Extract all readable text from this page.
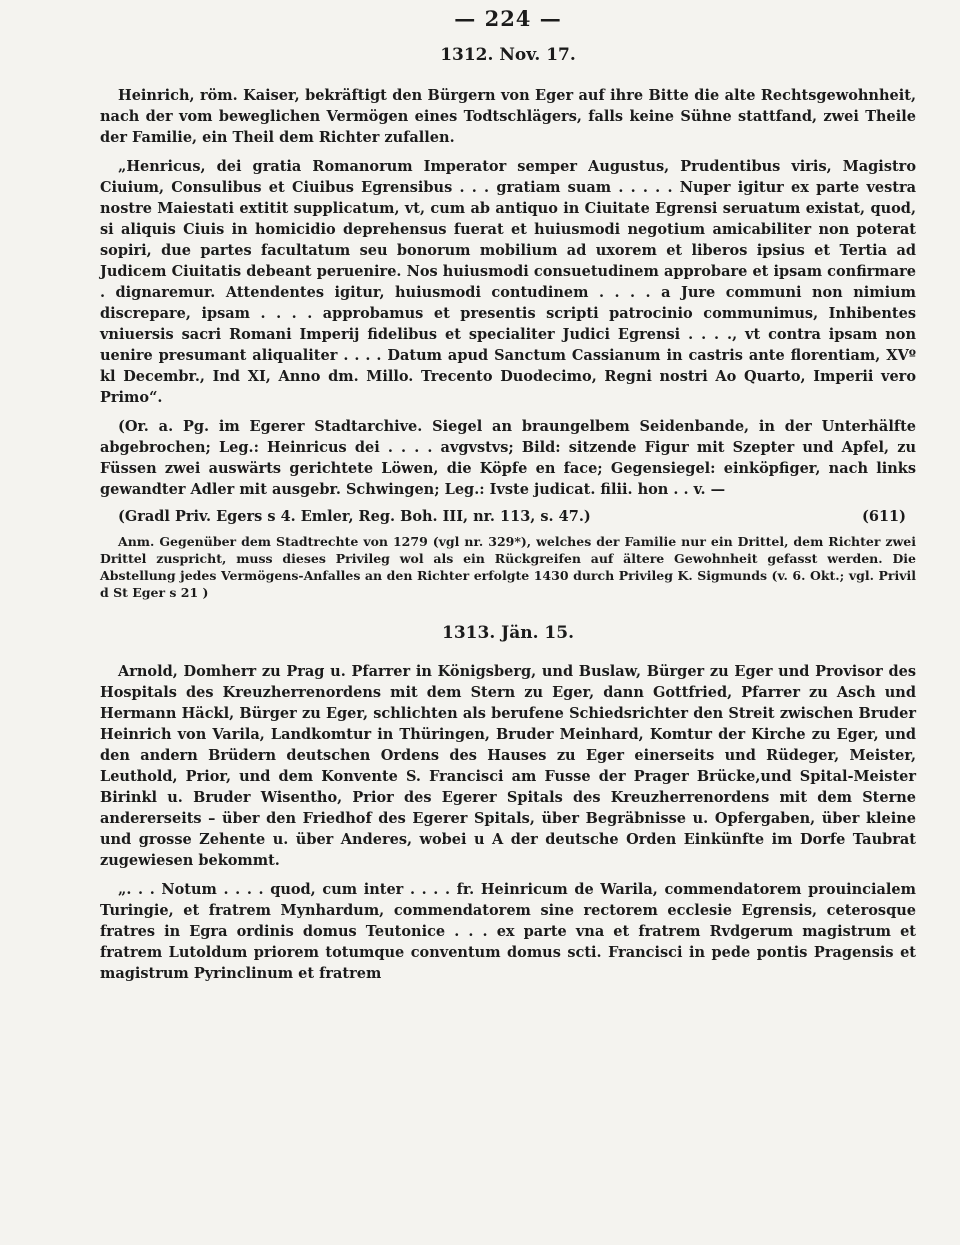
— 224 —
1312. Nov. 17.

Heinrich, röm. Kaiser, bekräftigt den Bürgern von Eger auf ihre Bitte die alte Rechtsgewohnheit, nach der vom beweglichen Vermögen eines Todtschlägers, falls keine Sühne stattfand, zwei Theile der Familie, ein Theil dem Richter zufallen.

„Henricus, dei gratia Romanorum Imperator semper Augustus, Prudentibus viris, Magistro Ciuium, Consulibus et Ciuibus Egrensibus . . . gratiam suam . . . . . Nuper igitur ex parte vestra nostre Maiestati extitit supplicatum, vt, cum ab antiquo in Ciuitate Egrensi seruatum existat, quod, si aliquis Ciuis in homicidio deprehensus fuerat et huiusmodi negotium amicabiliter non poterat sopiri, due partes facultatum seu bonorum mobilium ad uxorem et liberos ipsius et Tertia ad Judicem Ciuitatis debeant peruenire. Nos huiusmodi consuetudinem approbare et ipsam confirmare . dignaremur. Attendentes igitur, huiusmodi contudinem . . . . a Jure communi non nimium discrepare, ipsam . . . . approbamus et presentis scripti patrocinio communimus, Inhibentes vniuersis sacri Romani Imperij fidelibus et specialiter Judici Egrensi . . . ., vt contra ipsam non uenire presumant aliqualiter . . . . Datum apud Sanctum Cassianum in castris ante florentiam, XVº kl Decembr., Ind XI, Anno dm. Millo. Trecento Duodecimo, Regni nostri Ao Quarto, Imperii vero Primo“.

(Or. a. Pg. im Egerer Stadtarchive. Siegel an braungelbem Seidenbande, in der Unterhälfte abgebrochen; Leg.: Heinricus dei . . . . avgvstvs; Bild: sitzende Figur mit Szepter und Apfel, zu Füssen zwei auswärts gerichtete Löwen, die Köpfe en face; Gegensiegel: einköpfiger, nach links gewandter Adler mit ausgebr. Schwingen; Leg.: Ivste judicat. filii. hon . . v. —

(611)
(Gradl Priv. Egers s 4. Emler, Reg. Boh. III, nr. 113, s. 47.)

Anm. Gegenüber dem Stadtrechte von 1279 (vgl nr. 329*), welches der Familie nur ein Drittel, dem Richter zwei Drittel zuspricht, muss dieses Privileg wol als ein Rückgreifen auf ältere Gewohnheit gefasst werden. Die Abstellung jedes Vermögens-Anfalles an den Richter erfolgte 1430 durch Privileg K. Sigmunds (v. 6. Okt.; vgl. Privil d St Eger s 21 )

1313. Jän. 15.

Arnold, Domherr zu Prag u. Pfarrer in Königsberg, und Buslaw, Bürger zu Eger und Provisor des Hospitals des Kreuzherrenordens mit dem Stern zu Eger, dann Gottfried, Pfarrer zu Asch und Hermann Häckl, Bürger zu Eger, schlichten als berufene Schiedsrichter den Streit zwischen Bruder Heinrich von Varila, Landkomtur in Thüringen, Bruder Meinhard, Komtur der Kirche zu Eger, und den andern Brüdern deutschen Ordens des Hauses zu Eger einerseits und Rüdeger, Meister, Leuthold, Prior, und dem Konvente S. Francisci am Fusse der Prager Brücke,und Spital-Meister Birinkl u. Bruder Wisentho, Prior des Egerer Spitals des Kreuzherrenordens mit dem Sterne andererseits – über den Friedhof des Egerer Spitals, über Begräbnisse u. Opfergaben, über kleine und grosse Zehente u. über Anderes, wobei u A der deutsche Orden Einkünfte im Dorfe Taubrat zugewiesen bekommt.

„. . . Notum . . . . quod, cum inter . . . . fr. Heinricum de Warila, commendatorem prouincialem Turingie, et fratrem Mynhardum, commendatorem sine rectorem ecclesie Egrensis, ceterosque fratres in Egra ordinis domus Teutonice . . . ex parte vna et fratrem Rvdgerum magistrum et fratrem Lutoldum priorem totumque conventum domus scti. Francisci in pede pontis Pragensis et magistrum Pyrinclinum et fratrem
